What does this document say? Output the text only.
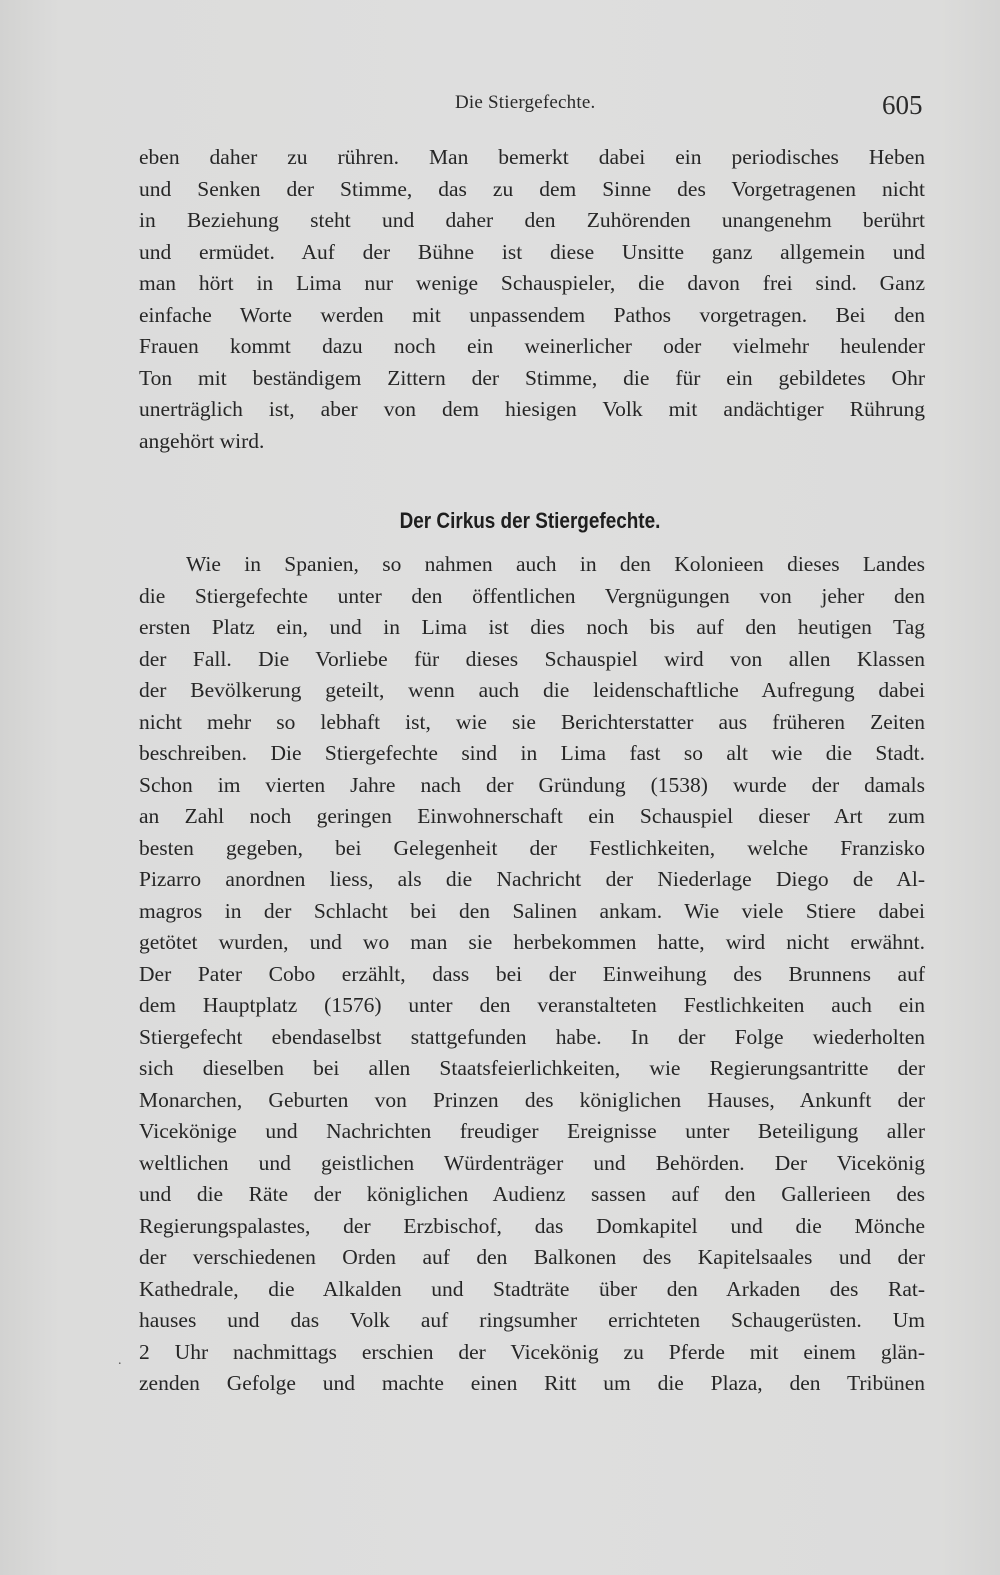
Die Stiergefechte.	605
eben daher zu rühren. Man bemerkt dabei ein periodisches Heben
und Senken der Stimme, das zu dem Sinne des Vorgetragenen nicht
in Beziehung steht und daher den Zuhörenden unangenehm berührt
und ermüdet. Auf der Bühne ist diese Unsitte ganz allgemein und
man hört in Lima nur wenige Schauspieler, die davon frei sind. Ganz
einfache Worte werden mit unpassendem Pathos vorgetragen. Bei den
Frauen kommt dazu noch ein weinerlicher oder vielmehr heulender
Ton mit beständigem Zittern der Stimme, die für ein gebildetes Ohr
unerträglich ist, aber von dem hiesigen Volk mit andächtiger Rührung
angehört wird.
Der Cirkus der Stiergefechte.
Wie in Spanien, so nahmen auch in den Kolonieen dieses Landes
die Stiergefechte unter den öffentlichen Vergnügungen von jeher den
ersten Platz ein, und in Lima ist dies noch bis auf den heutigen Tag
der Fall. Die Vorliebe für dieses Schauspiel wird von allen Klassen
der Bevölkerung geteilt, wenn auch die leidenschaftliche Aufregung dabei
nicht mehr so lebhaft ist, wie sie Berichterstatter aus früheren Zeiten
beschreiben. Die Stiergefechte sind in Lima fast so alt wie die Stadt.
Schon im vierten Jahre nach der Gründung (1538) wurde der damals
an Zahl noch geringen Einwohnerschaft ein Schauspiel dieser Art zum
besten gegeben, bei Gelegenheit der Festlichkeiten, welche Franzisko
Pizarro anordnen liess, als die Nachricht der Niederlage Diego de Al-
magros in der Schlacht bei den Salinen ankam. Wie viele Stiere dabei
getötet wurden, und wo man sie herbekommen hatte, wird nicht erwähnt.
Der Pater Cobo erzählt, dass bei der Einweihung des Brunnens auf
dem Hauptplatz (1576) unter den veranstalteten Festlichkeiten auch ein
Stiergefecht ebendaselbst stattgefunden habe. In der Folge wiederholten
sich dieselben bei allen Staatsfeierlichkeiten, wie Regierungsantritte der
Monarchen, Geburten von Prinzen des königlichen Hauses, Ankunft der
Vicekönige und Nachrichten freudiger Ereignisse unter Beteiligung aller
weltlichen und geistlichen Würdenträger und Behörden. Der Vicekönig
und die Räte der königlichen Audienz sassen auf den Gallerieen des
Regierungspalastes, der Erzbischof, das Domkapitel und die Mönche
der verschiedenen Orden auf den Balkonen des Kapitelsaales und der
Kathedrale, die Alkalden und Stadträte über den Arkaden des Rat-
hauses und das Volk auf ringsumher errichteten Schaugerüsten. Um
2 Uhr nachmittags erschien der Vicekönig zu Pferde mit einem glän-
zenden Gefolge und machte einen Ritt um die Plaza, den Tribünen
.
